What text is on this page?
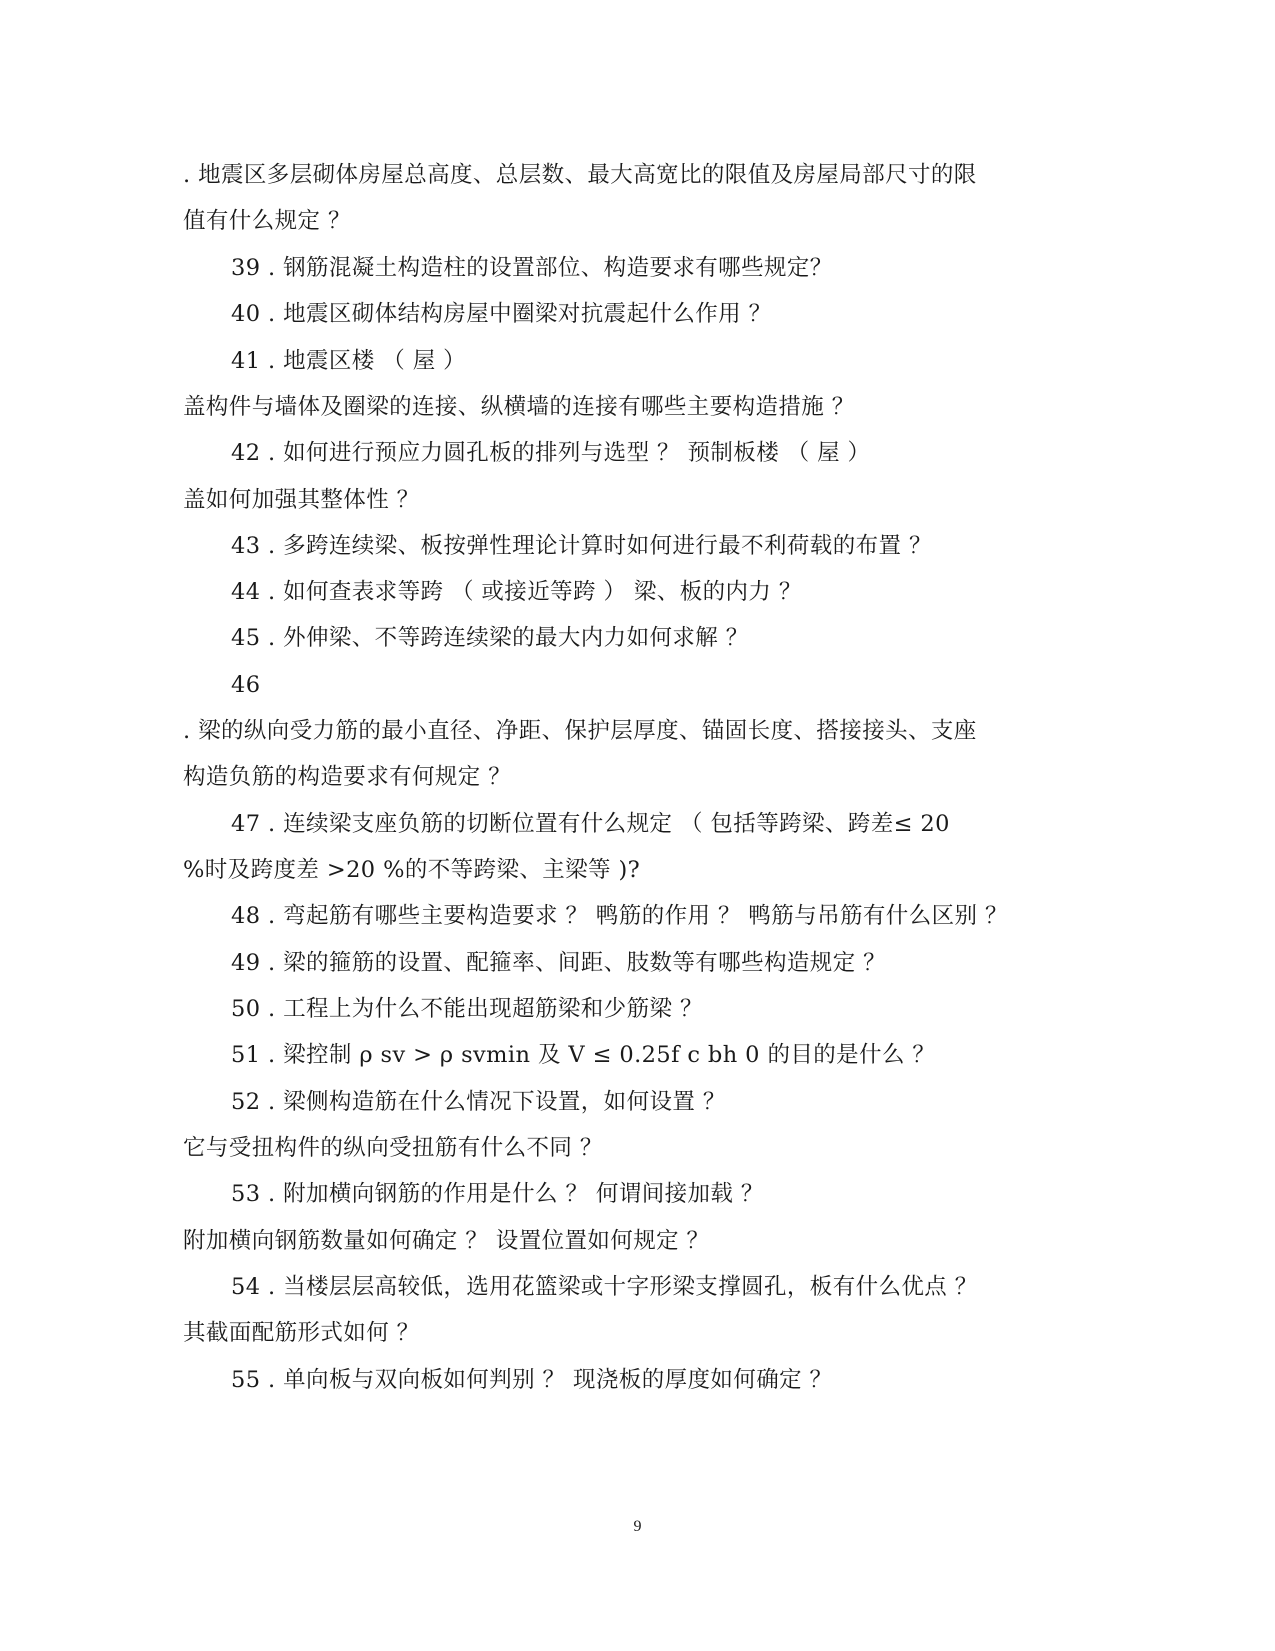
. 地震区多层砌体房屋总高度、总层数、最大高宽比的限值及房屋局部尺寸的限
值有什么规定 ？
39 . 钢筋混凝土构造柱的设置部位、构造要求有哪些规定？
40 . 地震区砌体结构房屋中圈梁对抗震起什么作用 ？
41 . 地震区楼 （ 屋 ）
盖构件与墙体及圈梁的连接、纵横墙的连接有哪些主要构造措施 ？
42 . 如何进行预应力圆孔板的排列与选型 ？ 预制板楼 （ 屋 ）
盖如何加强其整体性 ？
43 . 多跨连续梁、板按弹性理论计算时如何进行最不利荷载的布置 ？
44 . 如何查表求等跨 （ 或接近等跨 ） 梁、板的内力 ？
45 . 外伸梁、不等跨连续梁的最大内力如何求解 ？
46
. 梁的纵向受力筋的最小直径、净距、保护层厚度、锚固长度、搭接接头、支座
构造负筋的构造要求有何规定 ？
47 . 连续梁支座负筋的切断位置有什么规定 （ 包括等跨梁、跨差≤ 20
%时及跨度差 >20 %的不等跨梁、主梁等 )?
48 . 弯起筋有哪些主要构造要求 ？ 鸭筋的作用 ？ 鸭筋与吊筋有什么区别 ？
49 . 梁的箍筋的设置、配箍率、间距、肢数等有哪些构造规定 ？
50 . 工程上为什么不能出现超筋梁和少筋梁 ？
51 . 梁控制 ρ sv > ρ svmin 及 V ≤ 0.25f c bh 0 的目的是什么 ？
52 . 梁侧构造筋在什么情况下设置，如何设置 ？
它与受扭构件的纵向受扭筋有什么不同 ？
53 . 附加横向钢筋的作用是什么 ？ 何谓间接加载 ？
附加横向钢筋数量如何确定 ？ 设置位置如何规定 ？
54 . 当楼层层高较低，选用花篮梁或十字形梁支撑圆孔，板有什么优点 ？
其截面配筋形式如何 ？
55 . 单向板与双向板如何判别 ？ 现浇板的厚度如何确定 ？
9
